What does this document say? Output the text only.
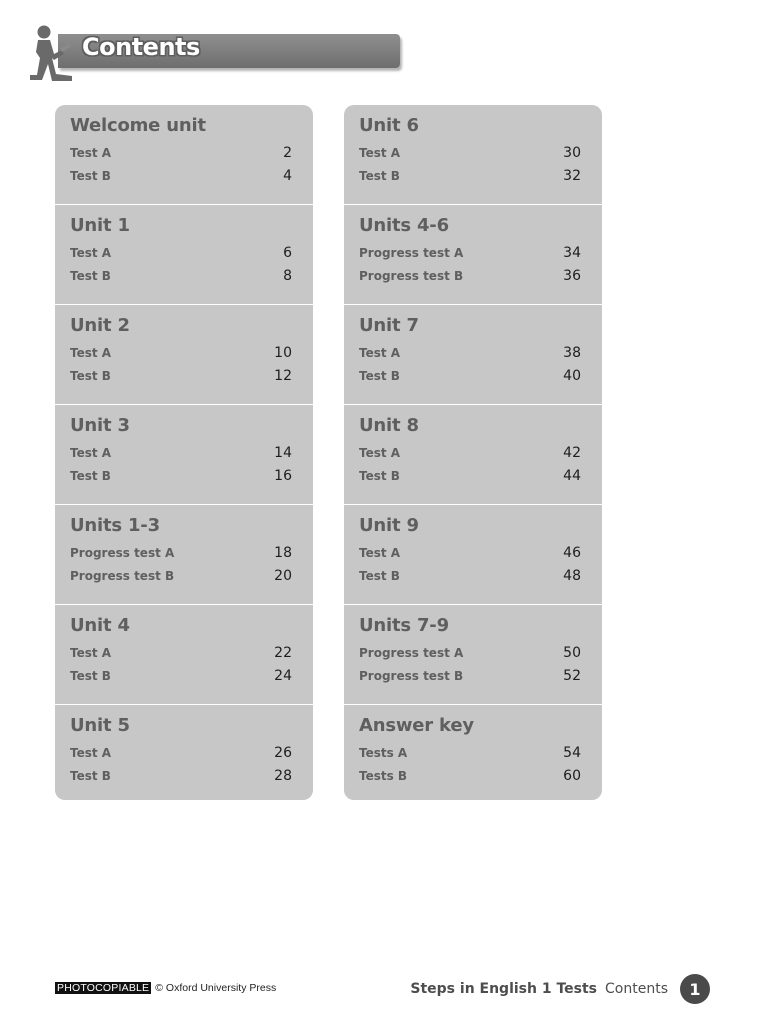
Contents
Welcome unit
Test A	2
Test B	4
Unit 1
Test A	6
Test B	8
Unit 2
Test A	10
Test B	12
Unit 3
Test A	14
Test B	16
Units 1-3
Progress test A	18
Progress test B	20
Unit 4
Test A	22
Test B	24
Unit 5
Test A	26
Test B	28
Unit 6
Test A	30
Test B	32
Units 4-6
Progress test A	34
Progress test B	36
Unit 7
Test A	38
Test B	40
Unit 8
Test A	42
Test B	44
Unit 9
Test A	46
Test B	48
Units 7-9
Progress test A	50
Progress test B	52
Answer key
Tests A	54
Tests B	60
PHOTOCOPIABLE © Oxford University Press	Steps in English 1 Tests Contents	1
